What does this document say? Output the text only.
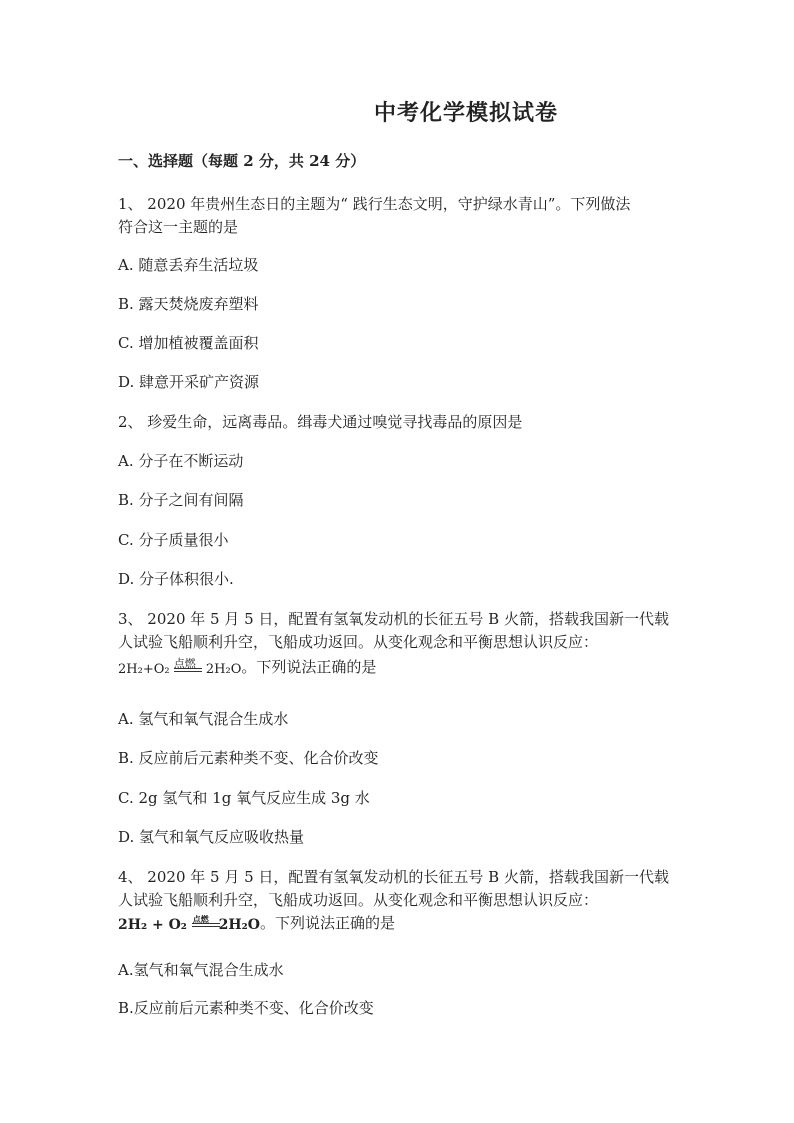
中考化学模拟试卷
一、选择题（每题 2 分，共 24 分）
1、 2020 年贵州生态日的主题为“ 践行生态文明，守护绿水青山”。下列做法
符合这一主题的是
A. 随意丢弃生活垃圾
B. 露天焚烧废弃塑料
C. 增加植被覆盖面积
D. 肆意开采矿产资源
2、 珍爱生命，远离毒品。缉毒犬通过嗅觉寻找毒品的原因是
A. 分子在不断运动
B. 分子之间有间隔
C. 分子质量很小
D. 分子体积很小.
3、 2020 年 5 月 5 日，配置有氢氧发动机的长征五号 B 火箭，搭载我国新一代载
人试验飞船顺利升空，飞船成功返回。从变化观念和平衡思想认识反应：
2H₂+O₂ 点燃 2H₂O。下列说法正确的是
A. 氢气和氧气混合生成水
B. 反应前后元素种类不变、化合价改变
C. 2g 氢气和 1g 氧气反应生成 3g 水
D. 氢气和氧气反应吸收热量
4、 2020 年 5 月 5 日，配置有氢氧发动机的长征五号 B 火箭，搭载我国新一代载
人试验飞船顺利升空，飞船成功返回。从变化观念和平衡思想认识反应：
2H₂ + O₂ 点燃 2H₂O。下列说法正确的是
A.氢气和氧气混合生成水
B.反应前后元素种类不变、化合价改变
